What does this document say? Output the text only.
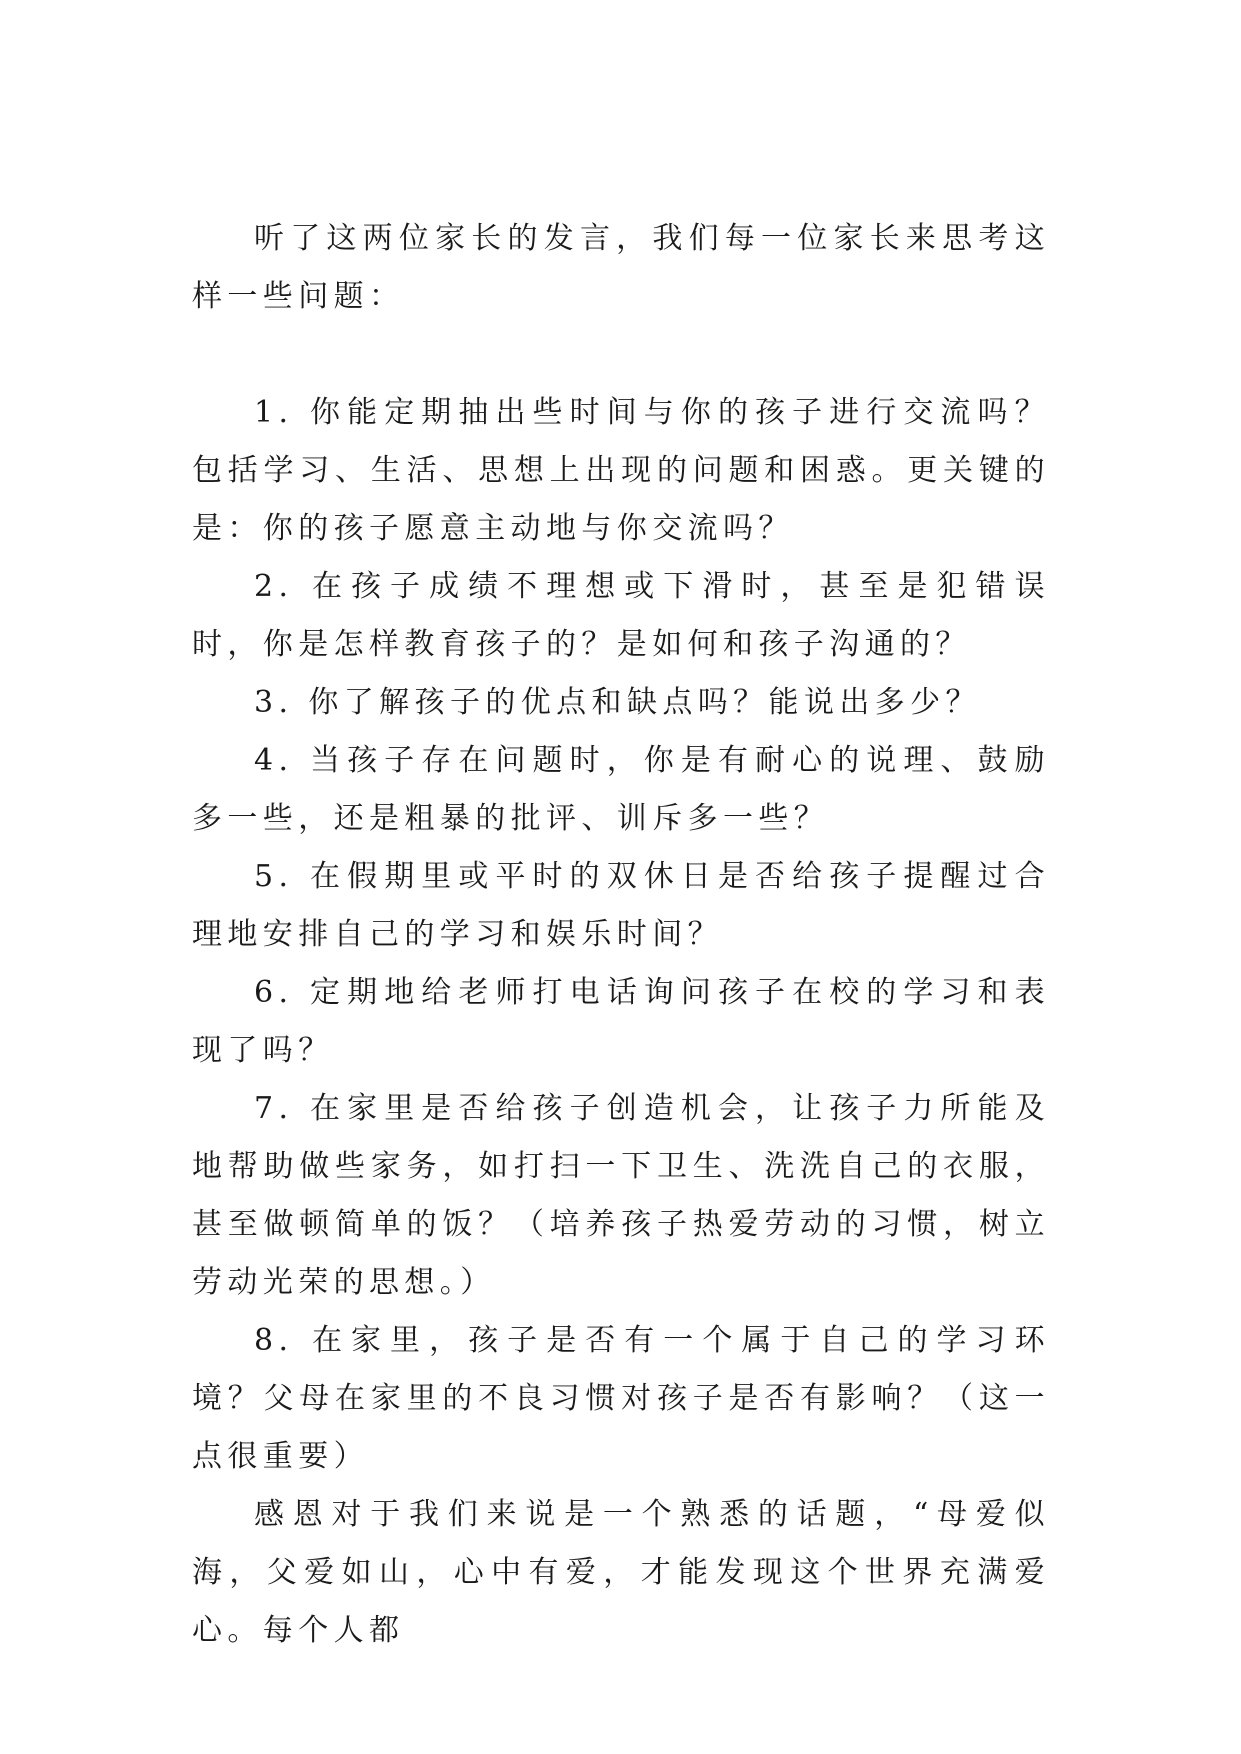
听了这两位家长的发言，我们每一位家长来思考这样一些问题：

1. 你能定期抽出些时间与你的孩子进行交流吗？包括学习、生活、思想上出现的问题和困惑。更关键的是：你的孩子愿意主动地与你交流吗？

2. 在孩子成绩不理想或下滑时，甚至是犯错误时，你是怎样教育孩子的？是如何和孩子沟通的？

3. 你了解孩子的优点和缺点吗？能说出多少？

4. 当孩子存在问题时，你是有耐心的说理、鼓励多一些，还是粗暴的批评、训斥多一些？

5. 在假期里或平时的双休日是否给孩子提醒过合理地安排自己的学习和娱乐时间？

6. 定期地给老师打电话询问孩子在校的学习和表现了吗？

7. 在家里是否给孩子创造机会，让孩子力所能及地帮助做些家务，如打扫一下卫生、洗洗自己的衣服，甚至做顿简单的饭？（培养孩子热爱劳动的习惯，树立劳动光荣的思想。）

8. 在家里，孩子是否有一个属于自己的学习环境？父母在家里的不良习惯对孩子是否有影响？（这一点很重要）

感恩对于我们来说是一个熟悉的话题，“母爱似海，父爱如山，心中有爱，才能发现这个世界充满爱心。每个人都
